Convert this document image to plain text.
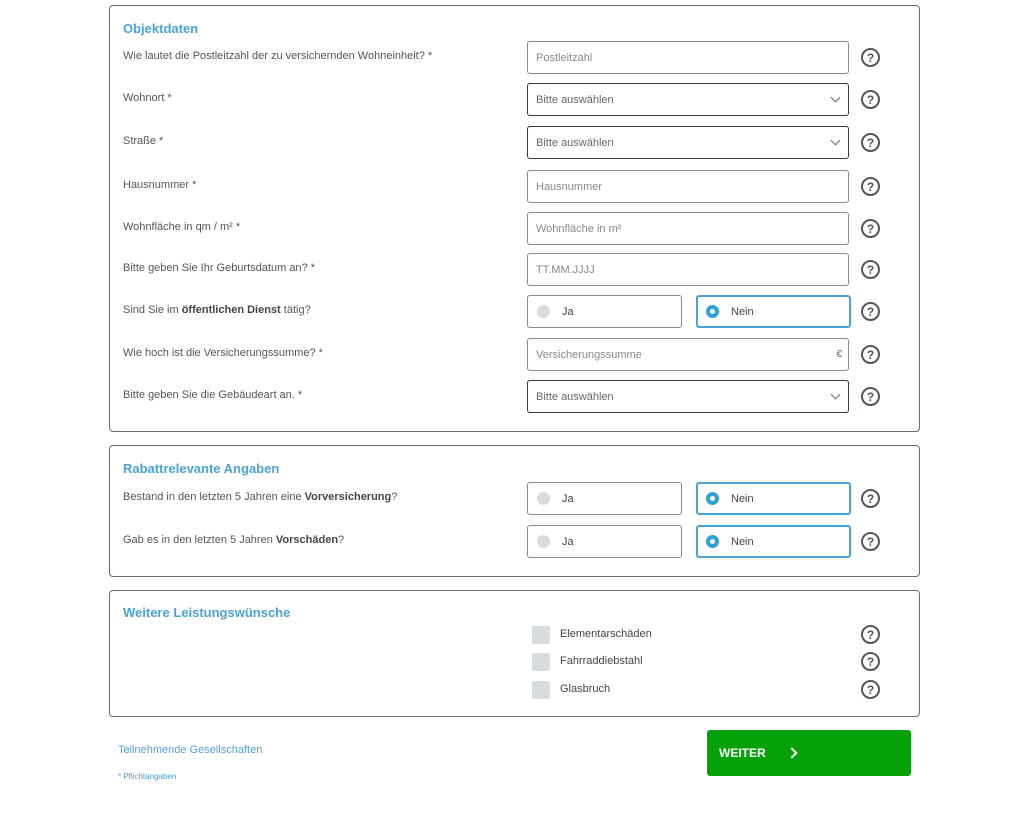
Objektdaten
Wie lautet die Postleitzahl der zu versichernden Wohneinheit? *	Postleitzahl	?
Wohnort *	Bitte auswählen	?
Straße *	Bitte auswählen	?
Hausnummer *	Hausnummer	?
Wohnfläche in qm / m² *	Wohnfläche in m²	?
Bitte geben Sie Ihr Geburtsdatum an? *	TT.MM.JJJJ	?
Sind Sie im öffentlichen Dienst tätig?	Ja	Nein	?
Wie hoch ist die Versicherungssumme? *	Versicherungssumme	€	?
Bitte geben Sie die Gebäudeart an. *	Bitte auswählen	?
Rabattrelevante Angaben
Bestand in den letzten 5 Jahren eine Vorversicherung?	Ja	Nein	?
Gab es in den letzten 5 Jahren Vorschäden?	Ja	Nein	?
Weitere Leistungswünsche
Elementarschäden	?
Fahrraddiebstahl	?
Glasbruch	?
Teilnehmende Gesellschaften
* Pflichtangaben
WEITER
